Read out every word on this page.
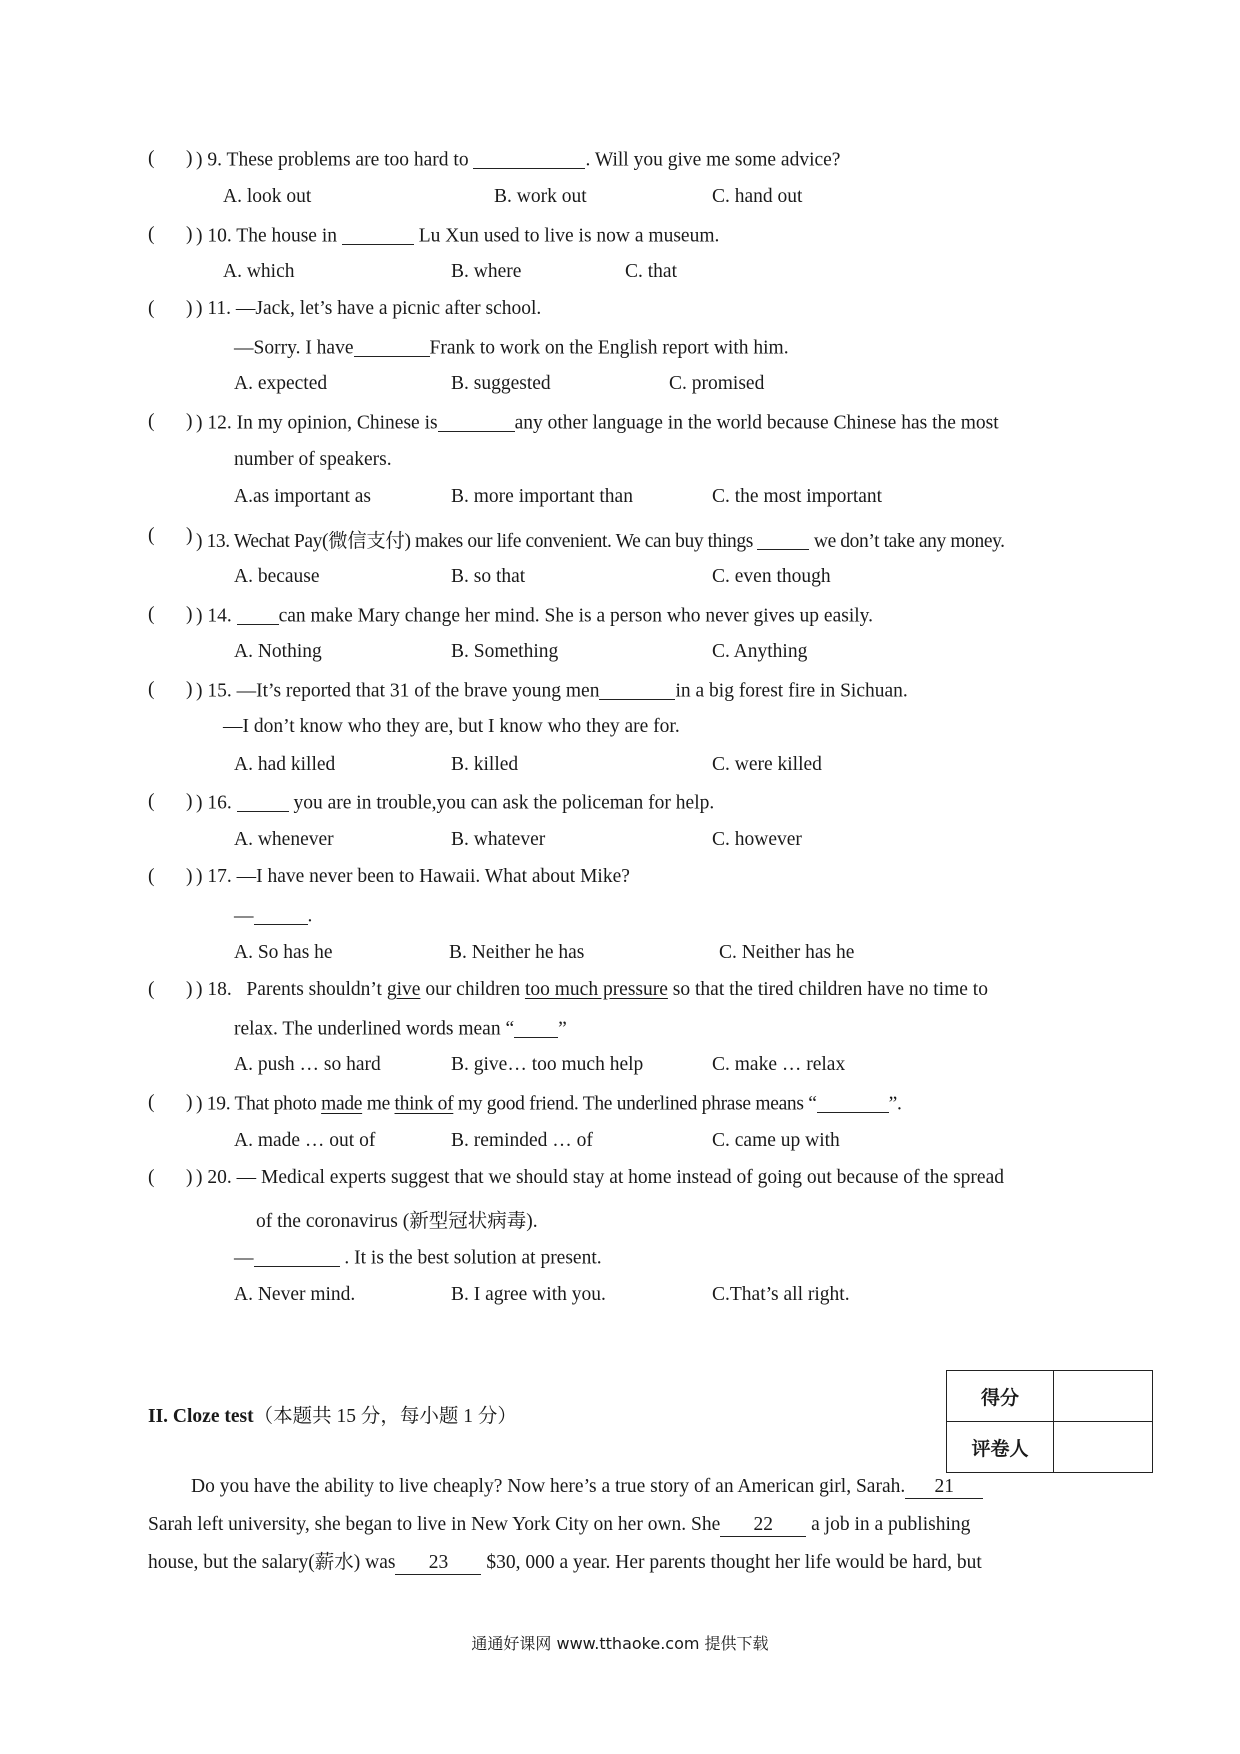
) 9. These problems are too hard to	. Will you give me some advice?
A. look out	B. work out	C. hand out
) 10. The house in	Lu Xun used to live is now a museum.
A. which	B. where	C. that
) 11. —Jack, let’s have a picnic after school.
—Sorry. I have	Frank to work on the English report with him.
A. expected	B. suggested	C. promised
) 12. In my opinion, Chinese is	any other language in the world because Chinese has the most
number of speakers.
A.as important as	B. more important than	C. the most important
) 13. Wechat Pay(微信支付) makes our life convenient. We can buy things	we don’t take any money.
A. because	B. so that	C. even though
) 14. can make Mary change her mind. She is a person who never gives up easily.
A. Nothing	B. Something	C. Anything
) 15. —It’s reported that 31 of the brave young men	in a big forest fire in Sichuan.
—I don’t know who they are, but I know who they are for.
A. had killed	B. killed	C. were killed
) 16.	you are in trouble,you can ask the policeman for help.
A. whenever	B. whatever	C. however
) 17. —I have never been to Hawaii. What about Mike?
—	.
A. So has he	B. Neither he has	C. Neither has he
) 18.   Parents shouldn’t give our children too much pressure so that the tired children have no time to
relax. The underlined words mean “ ”
A. push … so hard	B. give… too much help	C. make … relax
) 19. That photo made me think of my good friend. The underlined phrase means “	”.
A. made … out of	B. reminded … of	C. came up with
) 20. — Medical experts suggest that we should stay at home instead of going out because of the spread
of the coronavirus (新型冠状病毒).
—	. It is the best solution at present.
A. Never mind.	B. I agree with you.	C.That’s all right.
II. Cloze test（本题共 15 分，每小题 1 分）
得分	
评卷人	
Do you have the ability to live cheaply? Now here’s a true story of an American girl, Sarah. 21
Sarah left university, she began to live in New York City on her own. She 22 a job in a publishing
house, but the salary(薪水) was 23 $30, 000 a year. Her parents thought her life would be hard, but
通通好课网 www.tthaoke.com 提供下载
